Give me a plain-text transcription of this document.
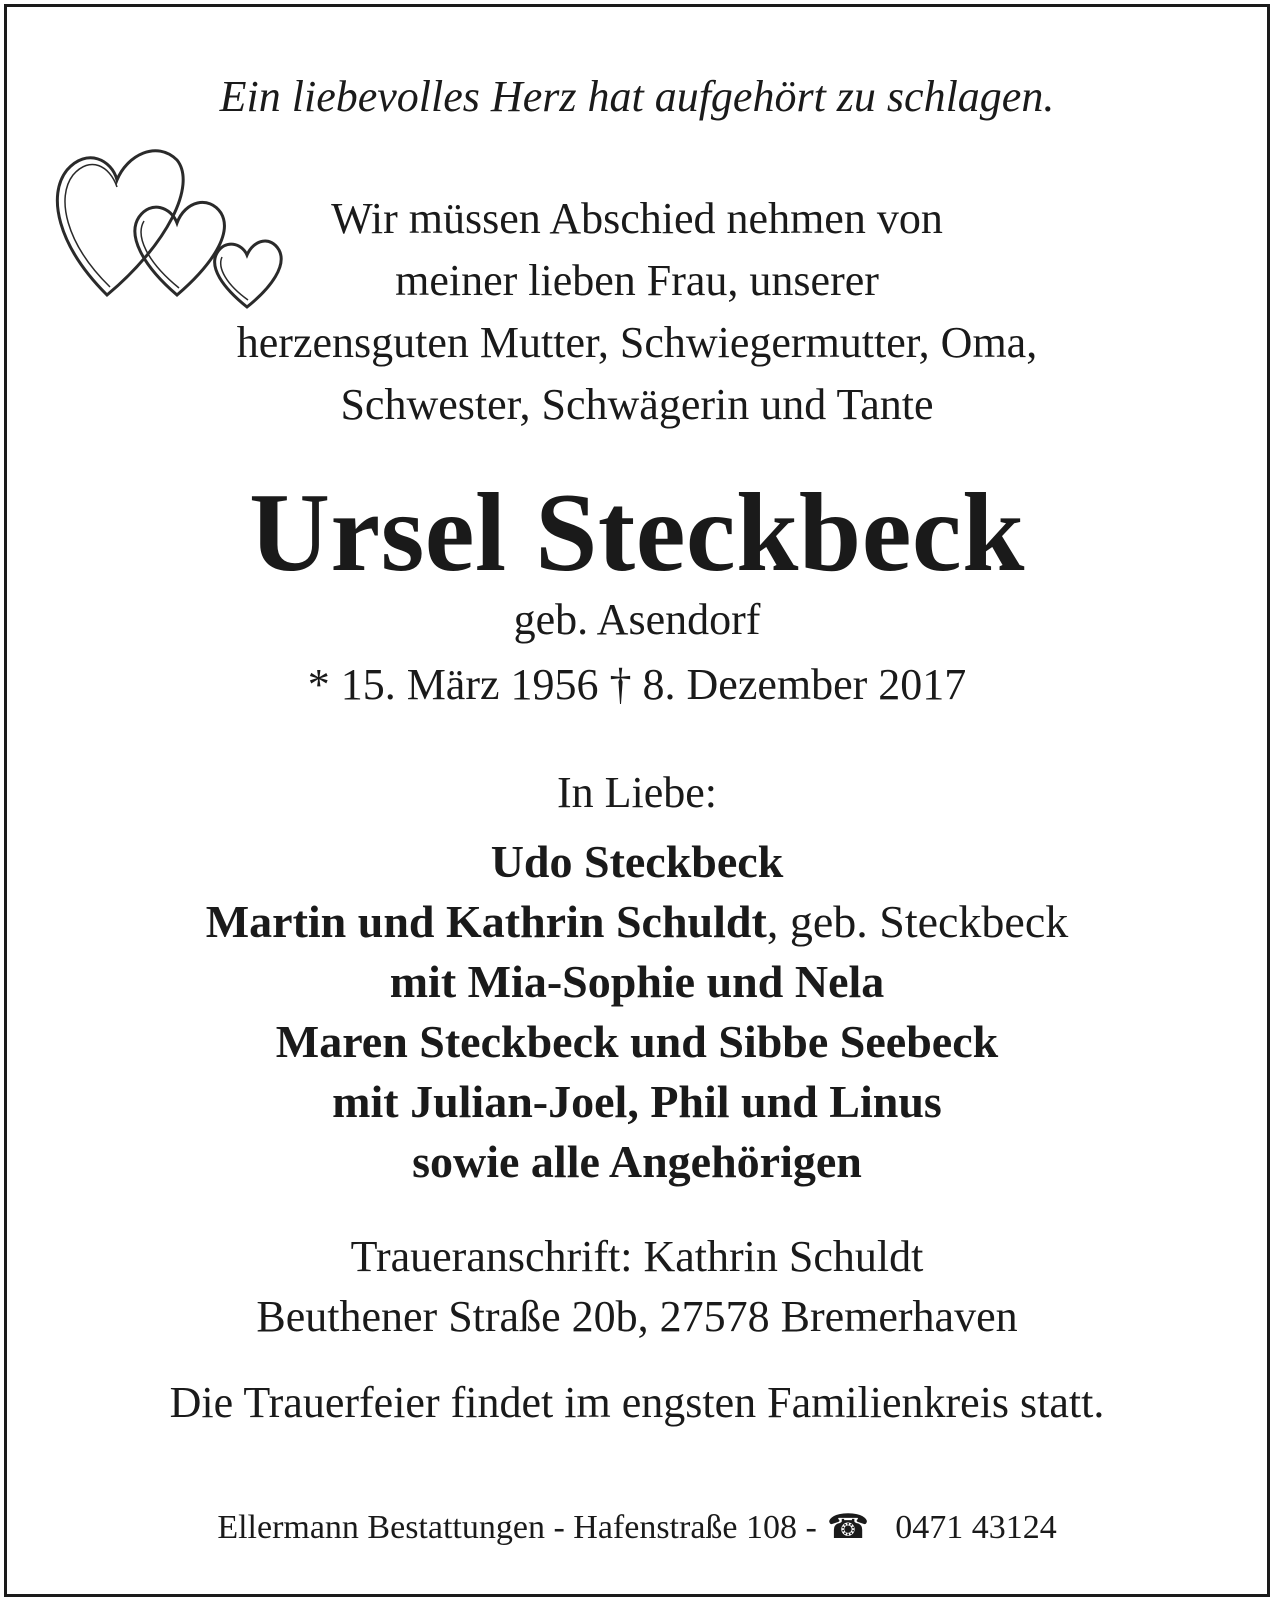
Ein liebevolles Herz hat aufgehört zu schlagen.
Wir müssen Abschied nehmen von
meiner lieben Frau, unserer
herzensguten Mutter, Schwiegermutter, Oma,
Schwester, Schwägerin und Tante
Ursel Steckbeck
geb. Asendorf
* 15. März 1956 † 8. Dezember 2017
In Liebe:
Udo Steckbeck
Martin und Kathrin Schuldt, geb. Steckbeck
mit Mia-Sophie und Nela
Maren Steckbeck und Sibbe Seebeck
mit Julian-Joel, Phil und Linus
sowie alle Angehörigen
Traueranschrift: Kathrin Schuldt
Beuthener Straße 20b, 27578 Bremerhaven
Die Trauerfeier findet im engsten Familienkreis statt.
Ellermann Bestattungen - Hafenstraße 108 - ☎ 0471 43124
